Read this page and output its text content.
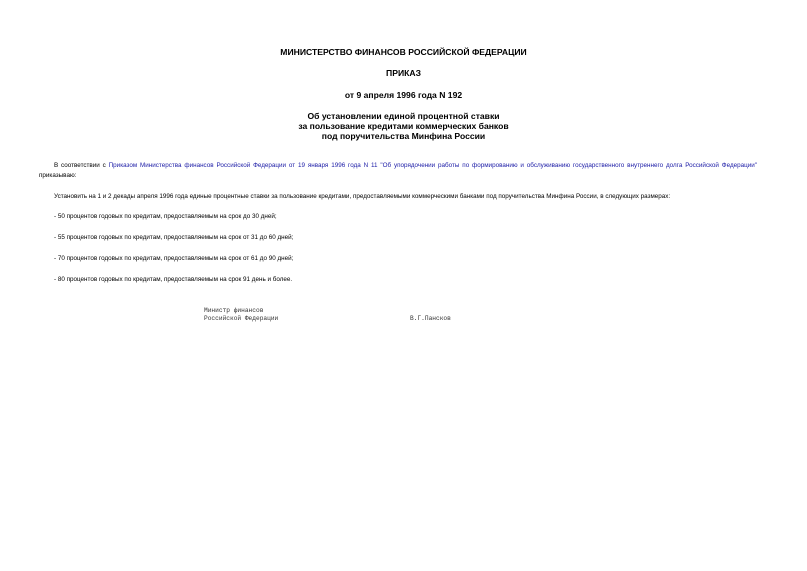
МИНИСТЕРСТВО ФИНАНСОВ РОССИЙСКОЙ ФЕДЕРАЦИИ
ПРИКАЗ
от 9 апреля 1996 года N 192
Об установлении единой процентной ставки
за пользование кредитами коммерческих банков
под поручительства Минфина России
В соответствии с Приказом Министерства финансов Российской Федерации от 19 января 1996 года N 11 "Об упорядочении работы по формированию и обслуживанию государственного внутреннего долга Российской Федерации" приказываю:
Установить на 1 и 2 декады апреля 1996 года единые процентные ставки за пользование кредитами, предоставляемыми коммерческими банками под поручительства Минфина России, в следующих размерах:
- 50 процентов годовых по кредитам, предоставляемым на срок до 30 дней;
- 55 процентов годовых по кредитам, предоставляемым на срок от 31 до 60 дней;
- 70 процентов годовых по кредитам, предоставляемым на срок от 61 до 90 дней;
- 80 процентов годовых по кредитам, предоставляемым на срок 91 день и более.
Министр финансов
Российской Федерации	В.Г.Пансков
